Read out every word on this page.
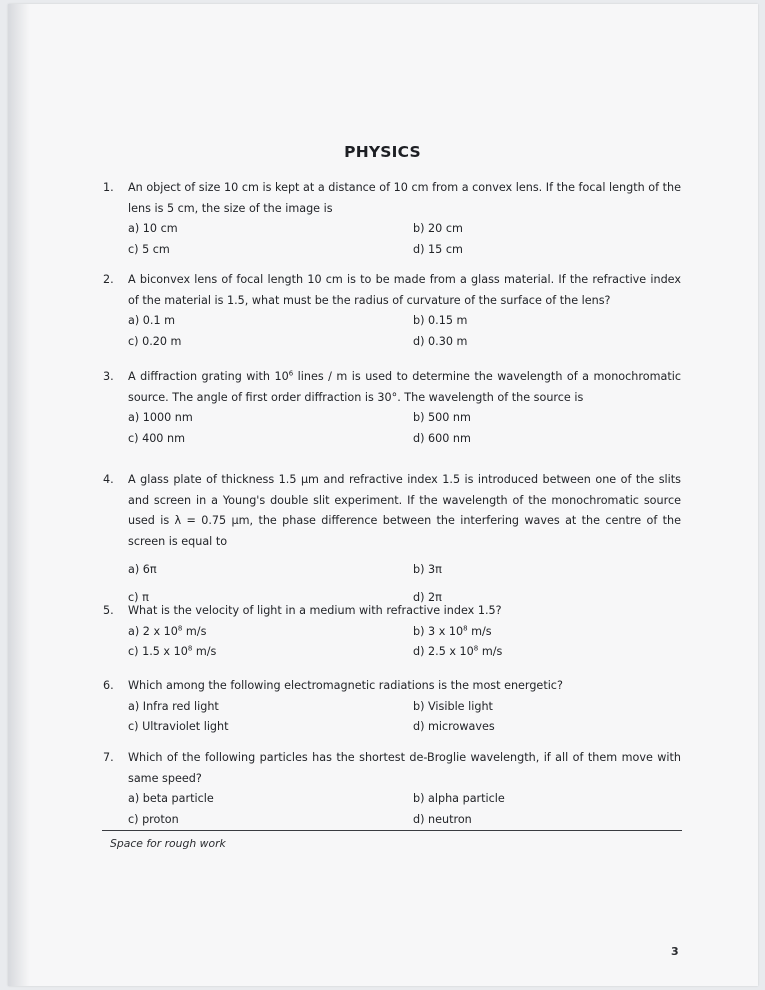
PHYSICS
1.	An object of size 10 cm is kept at a distance of 10 cm from a convex lens. If the focal length of the lens is 5 cm, the size of the image is
a) 10 cm	b) 20 cm
c) 5 cm	d) 15 cm
2.	A biconvex lens of focal length 10 cm is to be made from a glass material. If the refractive index of the material is 1.5, what must be the radius of curvature of the surface of the lens?
a) 0.1 m	b) 0.15 m
c) 0.20 m	d) 0.30 m
3.	A diffraction grating with $10^6$ lines / m is used to determine the wavelength of a monochromatic source. The angle of first order diffraction is 30°. The wavelength of the source is
a) 1000 nm	b) 500 nm
c) 400 nm	d) 600 nm
4.	A glass plate of thickness 1.5 μm and refractive index 1.5 is introduced between one of the slits and screen in a Young's double slit experiment. If the wavelength of the monochromatic source used is λ = 0.75 μm, the phase difference between the interfering waves at the centre of the screen is equal to
a) 6π	b) 3π
c) π	d) 2π
5.	What is the velocity of light in a medium with refractive index 1.5?
a) 2 x $10^8$ m/s	b) 3 x $10^8$ m/s
c) 1.5 x $10^8$ m/s	d) 2.5 x $10^8$ m/s
6.	Which among the following electromagnetic radiations is the most energetic?
a) Infra red light	b) Visible light
c) Ultraviolet light	d) microwaves
7.	Which of the following particles has the shortest de-Broglie wavelength, if all of them move with same speed?
a) beta particle	b) alpha particle
c) proton	d) neutron
Space for rough work
3
